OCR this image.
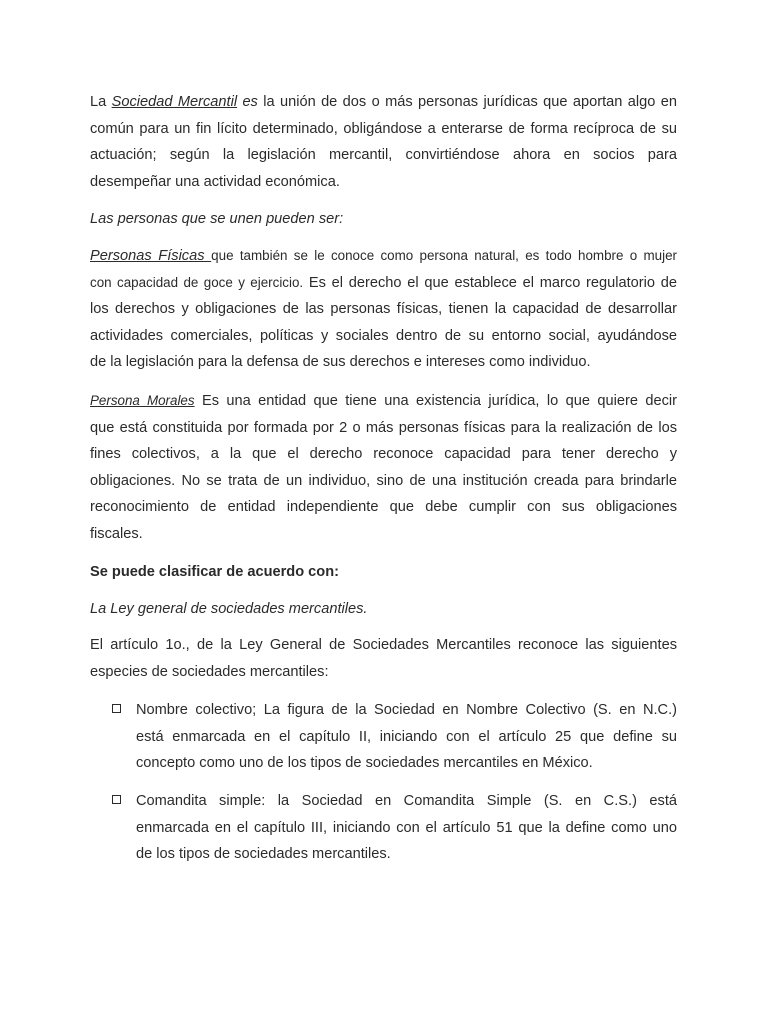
La Sociedad Mercantil es la unión de dos o más personas jurídicas que aportan algo en
común para un fin lícito determinado, obligándose a enterarse de forma recíproca de su
actuación; según la legislación mercantil, convirtiéndose ahora en socios para
desempeñar una actividad económica.
Las personas que se unen pueden ser:
Personas Físicas que también se le conoce como persona natural, es todo hombre o mujer
con capacidad de goce y ejercicio. Es el derecho el que establece el marco regulatorio de
los derechos y obligaciones de las personas físicas, tienen la capacidad de desarrollar
actividades comerciales, políticas y sociales dentro de su entorno social, ayudándose
de la legislación para la defensa de sus derechos e intereses como individuo.
Persona Morales Es una entidad que tiene una existencia jurídica, lo que quiere decir
que está constituida por formada por 2 o más personas físicas para la realización de los
fines colectivos, a la que el derecho reconoce capacidad para tener derecho y
obligaciones. No se trata de un individuo, sino de una institución creada para brindarle
reconocimiento de entidad independiente que debe cumplir con sus obligaciones
fiscales.
Se puede clasificar de acuerdo con:
La Ley general de sociedades mercantiles.
El artículo 1o., de la Ley General de Sociedades Mercantiles reconoce las siguientes
especies de sociedades mercantiles:
Nombre colectivo; La figura de la Sociedad en Nombre Colectivo (S. en N.C.)
está enmarcada en el capítulo II, iniciando con el artículo 25 que define su
concepto como uno de los tipos de sociedades mercantiles en México.
Comandita simple: la Sociedad en Comandita Simple (S. en C.S.) está
enmarcada en el capítulo III, iniciando con el artículo 51 que la define como uno
de los tipos de sociedades mercantiles.
